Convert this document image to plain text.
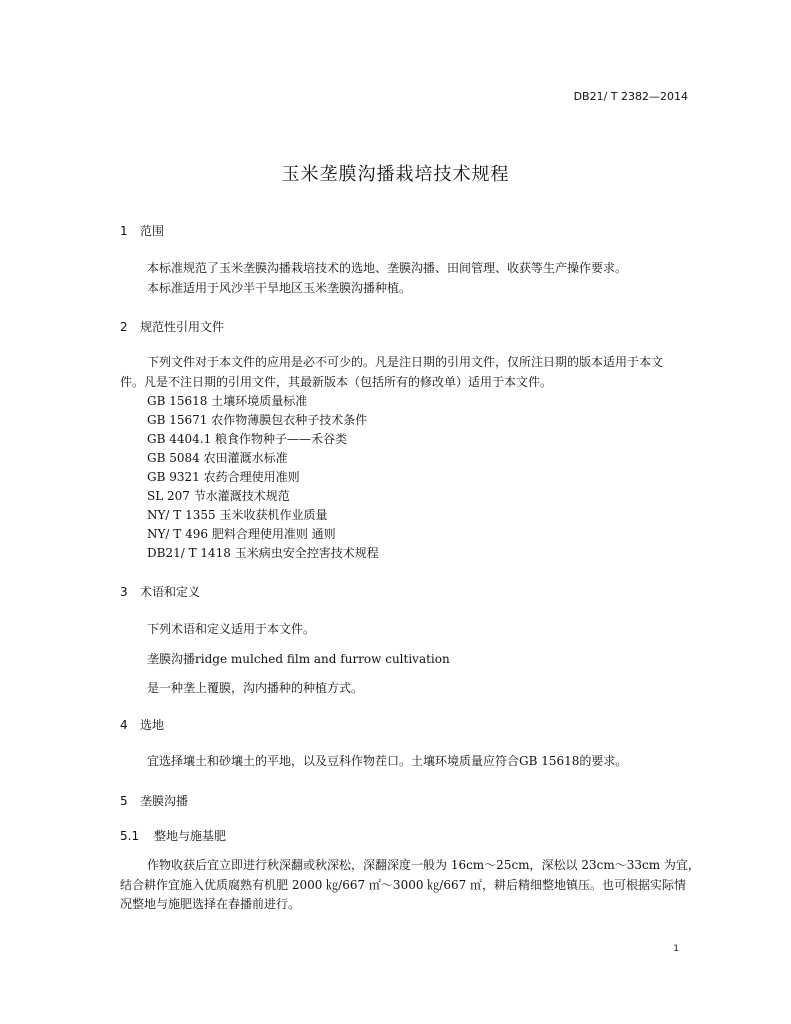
DB21/ T 2382—2014
玉米垄膜沟播栽培技术规程
1 范围
本标准规范了玉米垄膜沟播栽培技术的选地、垄膜沟播、田间管理、收获等生产操作要求。
本标准适用于风沙半干旱地区玉米垄膜沟播种植。
2 规范性引用文件
下列文件对于本文件的应用是必不可少的。凡是注日期的引用文件，仅所注日期的版本适用于本文
件。凡是不注日期的引用文件，其最新版本（包括所有的修改单）适用于本文件。
GB 15618 土壤环境质量标准
GB 15671 农作物薄膜包衣种子技术条件
GB 4404.1 粮食作物种子——禾谷类
GB 5084 农田灌溉水标准
GB 9321 农药合理使用准则
SL 207 节水灌溉技术规范
NY/ T 1355 玉米收获机作业质量
NY/ T 496 肥料合理使用准则 通则
DB21/ T 1418 玉米病虫安全控害技术规程
3 术语和定义
下列术语和定义适用于本文件。
垄膜沟播ridge mulched film and furrow cultivation
是一种垄上覆膜，沟内播种的种植方式。
4 选地
宜选择壤土和砂壤土的平地，以及豆科作物茬口。土壤环境质量应符合GB 15618的要求。
5 垄膜沟播
5.1 整地与施基肥
作物收获后宜立即进行秋深翻或秋深松，深翻深度一般为 16cm～25cm，深松以 23cm～33cm 为宜，
结合耕作宜施入优质腐熟有机肥 2000 ㎏/667 ㎡～3000 ㎏/667 ㎡，耕后精细整地镇压。也可根据实际情
况整地与施肥选择在春播前进行。
1
